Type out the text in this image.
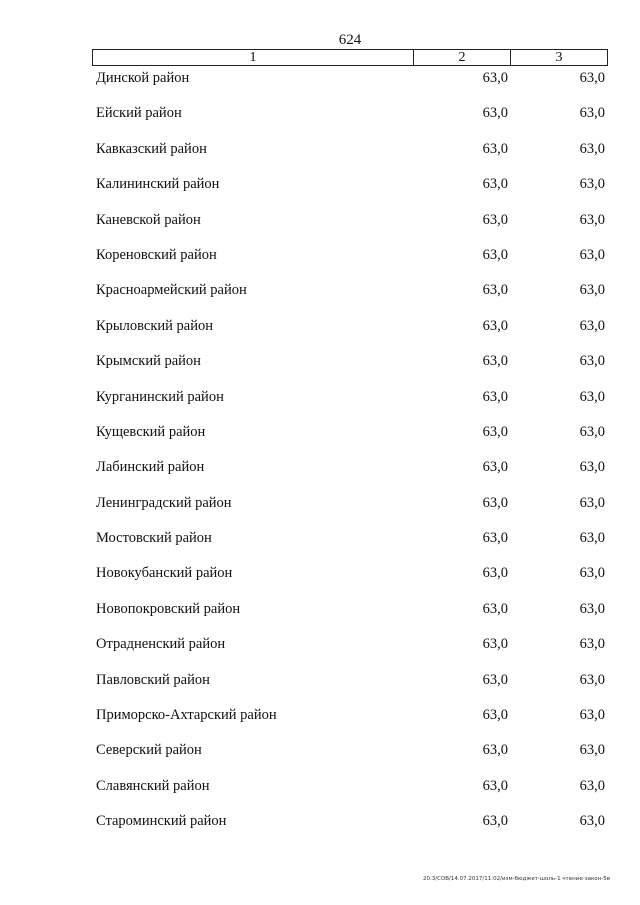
624
1	2	3
Динской район	63,0	63,0
Ейский район	63,0	63,0
Кавказский район	63,0	63,0
Калининский район	63,0	63,0
Каневской район	63,0	63,0
Кореновский район	63,0	63,0
Красноармейский район	63,0	63,0
Крыловский район	63,0	63,0
Крымский район	63,0	63,0
Курганинский район	63,0	63,0
Кущевский район	63,0	63,0
Лабинский район	63,0	63,0
Ленинградский район	63,0	63,0
Мостовский район	63,0	63,0
Новокубанский район	63,0	63,0
Новопокровский район	63,0	63,0
Отрадненский район	63,0	63,0
Павловский район	63,0	63,0
Приморско-Ахтарский район	63,0	63,0
Северский район	63,0	63,0
Славянский район	63,0	63,0
Староминский район	63,0	63,0
20.3/СОВ/14.07.2017/11:02/изм-бюджет-шоль-1 чтение-закон-5в
